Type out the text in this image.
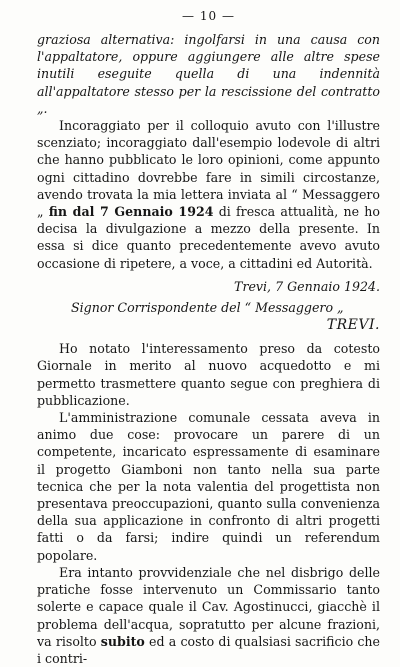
— 10 —

graziosa alternativa: ingolfarsi in una causa con l'appaltatore, oppure aggiungere alle altre spese inutili eseguite quella di una indennità all'appaltatore stesso per la rescissione del contratto „.

Incoraggiato per il colloquio avuto con l'illustre scenziato; incoraggiato dall'esempio lodevole di altri che hanno pubblicato le loro opinioni, come appunto ogni cittadino dovrebbe fare in simili circostanze, avendo trovata la mia lettera inviata al “ Messaggero „ fin dal 7 Gennaio 1924 di fresca attualità, ne ho decisa la divulgazione a mezzo della presente. In essa si dice quanto precedentemente avevo avuto occasione di ripetere, a voce, a cittadini ed Autorità.

Trevi, 7 Gennaio 1924.

Signor Corrispondente del “ Messaggero „

TREVI.

Ho notato l'interessamento preso da cotesto Giornale in merito al nuovo acquedotto e mi permetto trasmettere quanto segue con preghiera di pubblicazione.

L'amministrazione comunale cessata aveva in animo due cose: provocare un parere di un competente, incaricato espressamente di esaminare il progetto Giamboni non tanto nella sua parte tecnica che per la nota valentia del progettista non presentava preoccupazioni, quanto sulla convenienza della sua applicazione in confronto di altri progetti fatti o da farsi; indire quindi un referendum popolare.

Era intanto provvidenziale che nel disbrigo delle pratiche fosse intervenuto un Commissario tanto solerte e capace quale il Cav. Agostinucci, giacchè il problema dell'acqua, sopratutto per alcune frazioni, va risolto subito ed a costo di qualsiasi sacrificio che i contri-
